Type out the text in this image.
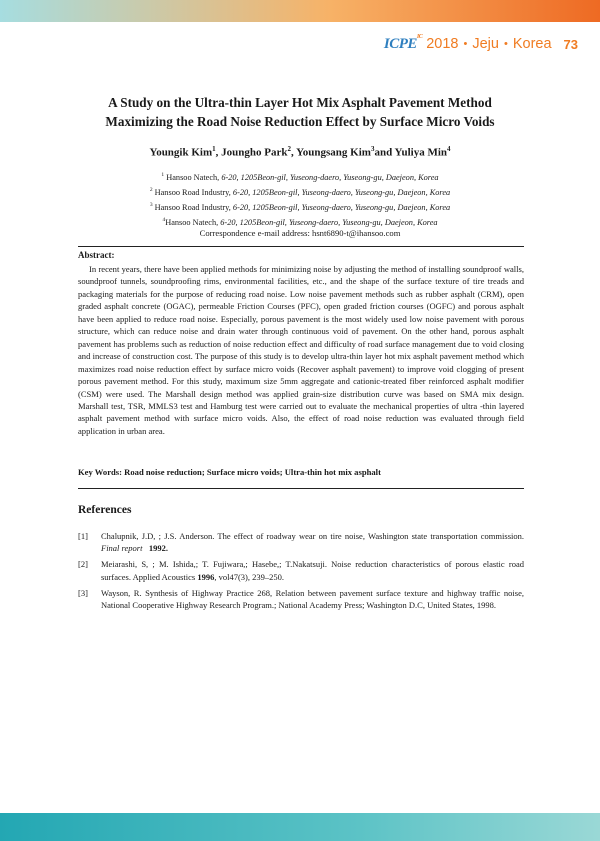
$ICPE^{IC}$ 2018 • Jeju • Korea 73
A Study on the Ultra-thin Layer Hot Mix Asphalt Pavement Method
Maximizing the Road Noise Reduction Effect by Surface Micro Voids

Youngik Kim$^1$, Joungho Park$^2$, Youngsang Kim$^3$and Yuliya Min$^4$

$^1$ Hansoo Natech, 6-20, 1205Beon-gil, Yuseong-daero, Yuseong-gu, Daejeon, Korea
$^2$ Hansoo Road Industry, 6-20, 1205Beon-gil, Yuseong-daero, Yuseong-gu, Daejeon, Korea
$^3$ Hansoo Road Industry, 6-20, 1205Beon-gil, Yuseong-daero, Yuseong-gu, Daejeon, Korea
$^4$Hansoo Natech, 6-20, 1205Beon-gil, Yuseong-daero, Yuseong-gu, Daejeon, Korea
Correspondence e-mail address: hsnt6890-t@ihansoo.com
Abstract:

In recent years, there have been applied methods for minimizing noise by adjusting the method of installing soundproof walls, soundproof tunnels, soundproofing rims, environmental facilities, etc., and the shape of the surface texture of tire treads and packaging materials for the purpose of reducing road noise. Low noise pavement methods such as rubber asphalt (CRM), open graded asphalt concrete (OGAC), permeable Friction Courses (PFC), open graded friction courses (OGFC) and porous asphalt have been applied to reduce road noise. Especially, porous pavement is the most widely used low noise pavement with porous structure, which can reduce noise and drain water through continuous void of pavement. On the other hand, porous asphalt pavement has problems such as reduction of noise reduction effect and difficulty of road surface management due to void closing and increase of construction cost. The purpose of this study is to develop ultra-thin layer hot mix asphalt pavement method which maximizes road noise reduction effect by surface micro voids (Recover asphalt pavement) to improve void clogging of present porous pavement method. For this study, maximum size 5mm aggregate and cationic-treated fiber reinforced asphalt modifier (CSM) were used. The Marshall design method was applied grain-size distribution curve was based on SMA mix design. Marshall test, TSR, MMLS3 test and Hamburg test were carried out to evaluate the mechanical properties of ultra -thin layered asphalt pavement method with surface micro voids. Also, the effect of road noise reduction was evaluated through field application in urban area.

Key Words: Road noise reduction; Surface micro voids; Ultra-thin hot mix asphalt

References
[1]	Chalupnik, J.D, ; J.S. Anderson. The effect of roadway wear on tire noise, Washington state transportation commission. Final report 1992.
[2]	Meiarashi, S, ; M. Ishida,; T. Fujiwara,; Hasebe,; T.Nakatsuji. Noise reduction characteristics of porous elastic road surfaces. Applied Acoustics 1996, vol47(3), 239–250.
[3]	Wayson, R. Synthesis of Highway Practice 268, Relation between pavement surface texture and highway traffic noise, National Cooperative Highway Research Program.; National Academy Press; Washington D.C, United States, 1998.
